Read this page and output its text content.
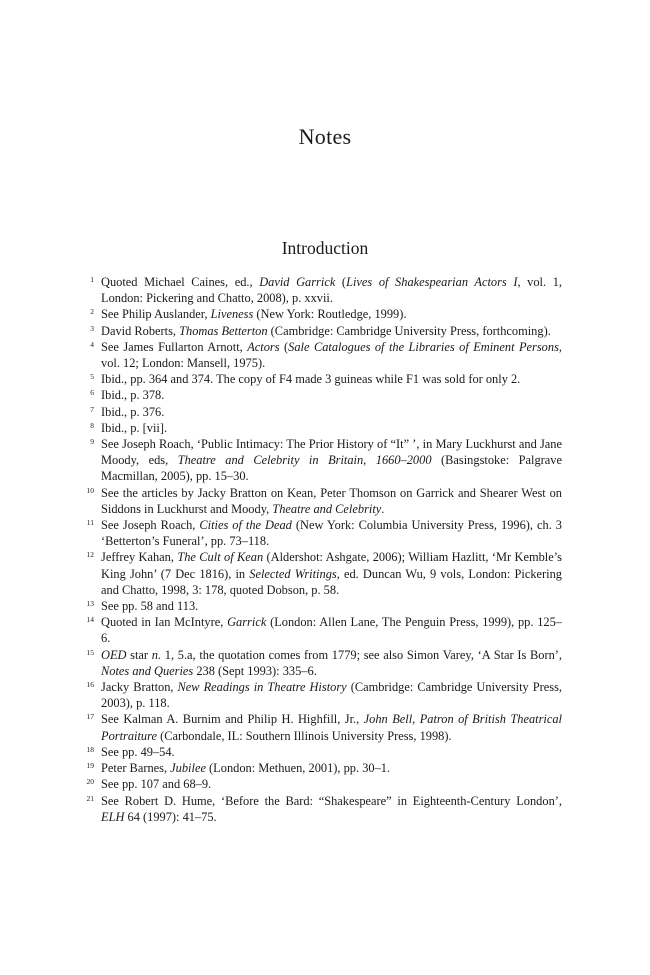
Notes
Introduction
1 Quoted Michael Caines, ed., David Garrick (Lives of Shakespearian Actors I, vol. 1, London: Pickering and Chatto, 2008), p. xxvii.
2 See Philip Auslander, Liveness (New York: Routledge, 1999).
3 David Roberts, Thomas Betterton (Cambridge: Cambridge University Press, forthcoming).
4 See James Fullarton Arnott, Actors (Sale Catalogues of the Libraries of Eminent Persons, vol. 12; London: Mansell, 1975).
5 Ibid., pp. 364 and 374. The copy of F4 made 3 guineas while F1 was sold for only 2.
6 Ibid., p. 378.
7 Ibid., p. 376.
8 Ibid., p. [vii].
9 See Joseph Roach, ‘Public Intimacy: The Prior History of “It” ’, in Mary Luckhurst and Jane Moody, eds, Theatre and Celebrity in Britain, 1660–2000 (Basingstoke: Palgrave Macmillan, 2005), pp. 15–30.
10 See the articles by Jacky Bratton on Kean, Peter Thomson on Garrick and Shearer West on Siddons in Luckhurst and Moody, Theatre and Celebrity.
11 See Joseph Roach, Cities of the Dead (New York: Columbia University Press, 1996), ch. 3 ‘Betterton’s Funeral’, pp. 73–118.
12 Jeffrey Kahan, The Cult of Kean (Aldershot: Ashgate, 2006); William Hazlitt, ‘Mr Kemble’s King John’ (7 Dec 1816), in Selected Writings, ed. Duncan Wu, 9 vols, London: Pickering and Chatto, 1998, 3: 178, quoted Dobson, p. 58.
13 See pp. 58 and 113.
14 Quoted in Ian McIntyre, Garrick (London: Allen Lane, The Penguin Press, 1999), pp. 125–6.
15 OED star n. 1, 5.a, the quotation comes from 1779; see also Simon Varey, ‘A Star Is Born’, Notes and Queries 238 (Sept 1993): 335–6.
16 Jacky Bratton, New Readings in Theatre History (Cambridge: Cambridge University Press, 2003), p. 118.
17 See Kalman A. Burnim and Philip H. Highfill, Jr., John Bell, Patron of British Theatrical Portraiture (Carbondale, IL: Southern Illinois University Press, 1998).
18 See pp. 49–54.
19 Peter Barnes, Jubilee (London: Methuen, 2001), pp. 30–1.
20 See pp. 107 and 68–9.
21 See Robert D. Hume, ‘Before the Bard: “Shakespeare” in Eighteenth-Century London’, ELH 64 (1997): 41–75.
